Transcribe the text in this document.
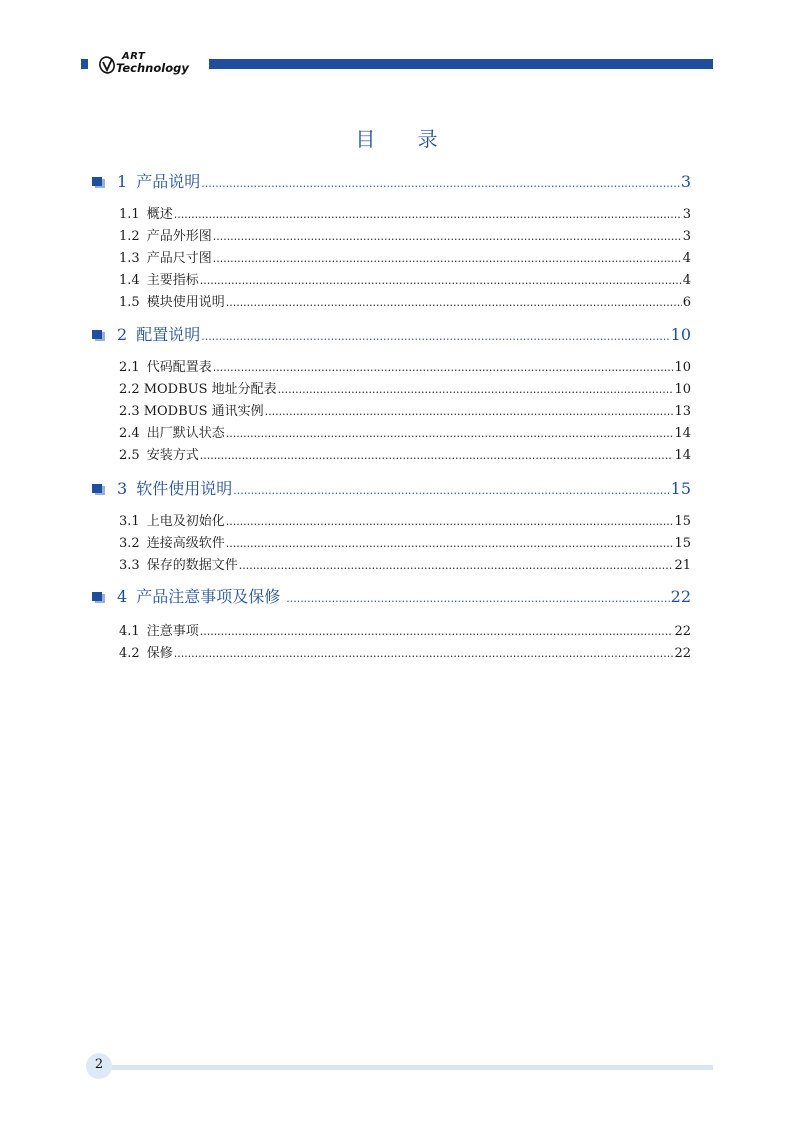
ART
Technology
目 录
1 产品说明 .....	3
1.1 概述 .....	3
1.2 产品外形图 .....	3
1.3 产品尺寸图 .....	4
1.4 主要指标 .....	4
1.5 模块使用说明 .....	6
2 配置说明 .....	10
2.1 代码配置表 .....	10
2.2 MODBUS 地址分配表 .....	10
2.3 MODBUS 通讯实例 .....	13
2.4 出厂默认状态 .....	14
2.5 安装方式 .....	14
3 软件使用说明 .....	15
3.1 上电及初始化 .....	15
3.2 连接高级软件 .....	15
3.3 保存的数据文件 .....	21
4 产品注意事项及保修 .....	22
4.1 注意事项 .....	22
4.2 保修 .....	22
2
